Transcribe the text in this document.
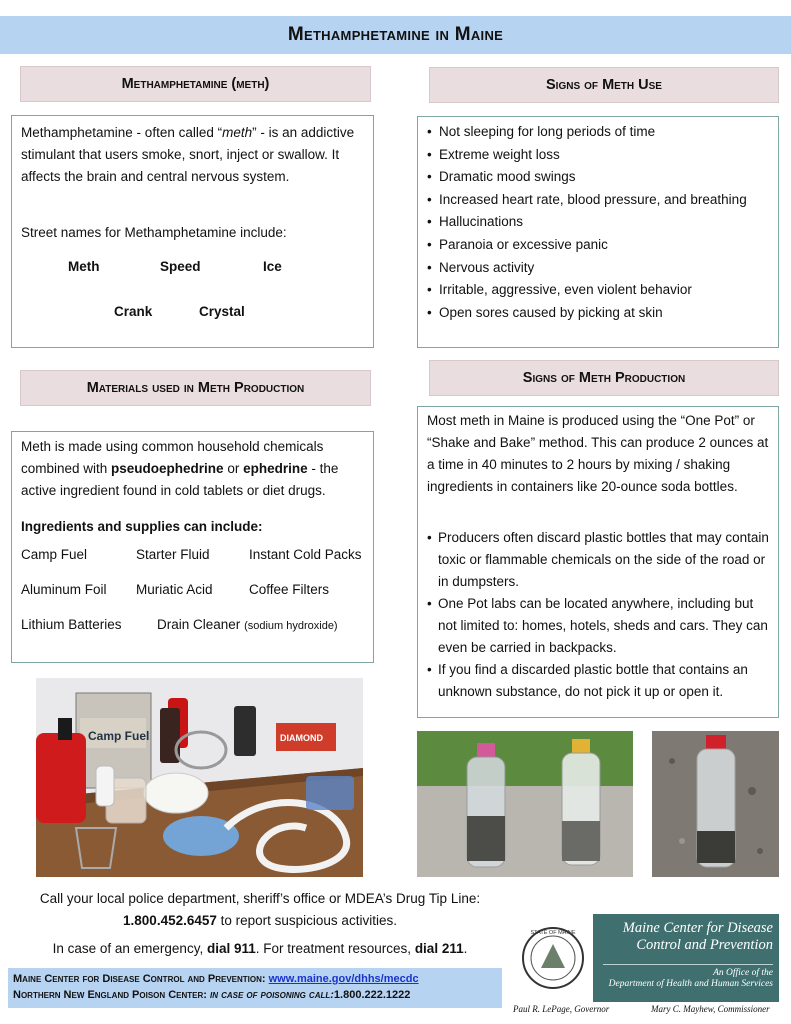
Methamphetamine in Maine
Methamphetamine (meth)

Methamphetamine - often called “meth” - is an addictive stimulant that users smoke, snort, inject or swallow. It affects the brain and central nervous system.

Street names for Methamphetamine include:

Meth	Speed	Ice
Crank	Crystal
Signs of Meth Use
• Not sleeping for long periods of time
• Extreme weight loss
• Dramatic mood swings
• Increased heart rate, blood pressure, and breathing
• Hallucinations
• Paranoia or excessive panic
• Nervous activity
• Irritable, aggressive, even violent behavior
• Open sores caused by picking at skin
Materials used in Meth Production

Meth is made using common household chemicals combined with pseudoephedrine or ephedrine - the active ingredient found in cold tablets or diet drugs.

Ingredients and supplies can include:

Camp Fuel	Starter Fluid	Instant Cold Packs
Aluminum Foil Muriatic Acid	Coffee Filters
Lithium Batteries	Drain Cleaner (sodium hydroxide)
Signs of Meth Production

Most meth in Maine is produced using the “One Pot” or “Shake and Bake” method. This can produce 2 ounces at a time in 40 minutes to 2 hours by mixing / shaking ingredients in containers like 20-ounce soda bottles.

• Producers often discard plastic bottles that may contain toxic or flammable chemicals on the side of the road or in dumpsters.
• One Pot labs can be located anywhere, including but not limited to: homes, hotels, sheds and cars. They can even be carried in backpacks.
• If you find a discarded plastic bottle that contains an unknown substance, do not pick it up or open it.
Camp Fuel	DIAMOND
Call your local police department, sheriff’s office or MDEA’s Drug Tip Line:
1.800.452.6457 to report suspicious activities.
In case of an emergency, dial 911. For treatment resources, dial 211.
Maine Center for Disease Control and Prevention: www.maine.gov/dhhs/mecdc
Northern New England Poison Center: in case of poisoning call:1.800.222.1222
STATE OF MAINE	Maine Center for Disease
Control and Prevention
An Office of the
Department of Health and Human Services
Paul R. LePage, Governor	Mary C. Mayhew, Commissioner
